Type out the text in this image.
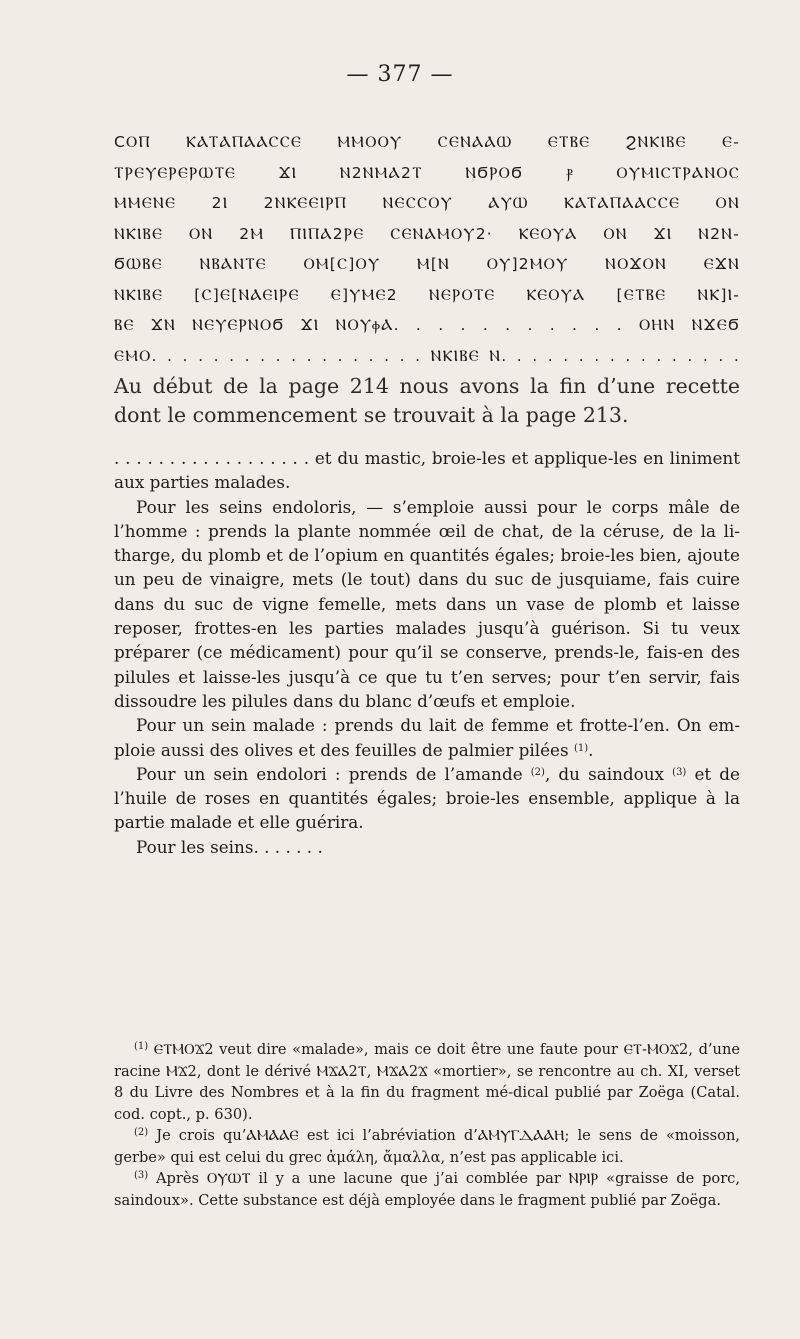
— 377 —
CⲞⲠ ⲔⲀⲦⲀⲠⲀⲀⲤⲤⲈ ⲘⲘⲞⲞⲨ ⲤⲈⲚⲀⲀⲰ ⲈⲦⲂⲈ ϨⲚⲔⲒⲂⲈ Ⲉ-
ⲦⲢⲈⲨⲈⲢⲈⲢⲰⲦⲈ ϪⲒ Ⲛ2ⲚⲘⲀ2Ⲧ ⲚϬⲢⲞϬ ⳁ ⲞⲨⲘⲒⲤⲦⲢⲀⲚⲞⲤ
ⲘⲘⲈⲚⲈ 2Ⲓ 2ⲚⲔⲈⲈⲒⲢⲠ ⲚⲈⲤⲤⲞⲨ ⲀⲨⲰ ⲔⲀⲦⲀⲠⲀⲀⲤⲤⲈ ⲞⲚ
ⲚⲔⲒⲂⲈ ⲞⲚ 2Ⲙ ⲠⲒⲠⲀ2ⲢⲈ ⲤⲈⲚⲀⲘⲞⲨ2· ⲔⲈⲞⲨⲀ ⲞⲚ ϪⲒ Ⲛ2Ⲛ-
ϬⲰⲂⲈ ⲚⲂⲀⲚⲦⲈ ⲞⲘ[Ⲥ]ⲞⲨ Ⲙ[Ⲛ ⲞⲨ]2ⲘⲞⲨ ⲚⲞϪⲞⲚ ⲈϪⲚ
ⲚⲔⲒⲂⲈ [Ⲥ]Ⲉ[ⲚⲀⲈⲒⲢⲈ Ⲉ]ⲨⲘⲈ2 ⲚⲈⲢⲞⲦⲈ ⲔⲈⲞⲨⲀ [ⲈⲦⲂⲈ ⲚⲔ]Ⲓ-
ⲂⲈ ϪⲚ ⲚⲈⲨⲈⲢⲚⲞϬ ϪⲒ ⲚⲞⲨⲫⲀ. . . . . . . . . . . ⲞⲎⲚ ⲚϪⲈϬ
ⲈⲘⲞ. . . . . . . . . . . . . . . . . . ⲚⲔⲒⲂⲈ Ⲛ. . . . . . . . . . . . . . . .
Au début de la page 214 nous avons la fin d’une recette dont le commencement se trouvait à la page 213.

. . . . . . . . . . . . . . . . . . et du mastic, broie-les et applique-les en liniment aux parties malades.

Pour les seins endoloris, — s’emploie aussi pour le corps mâle de l’homme : prends la plante nommée œil de chat, de la céruse, de la li-tharge, du plomb et de l’opium en quantités égales; broie-les bien, ajoute un peu de vinaigre, mets (le tout) dans du suc de jusquiame, fais cuire dans du suc de vigne femelle, mets dans un vase de plomb et laisse reposer, frottes-en les parties malades jusqu’à guérison. Si tu veux préparer (ce médicament) pour qu’il se conserve, prends-le, fais-en des pilules et laisse-les jusqu’à ce que tu t’en serves; pour t’en servir, fais dissoudre les pilules dans du blanc d’œufs et emploie.

Pour un sein malade : prends du lait de femme et frotte-l’en. On em-ploie aussi des olives et des feuilles de palmier pilées $^{(1)}$.

Pour un sein endolori : prends de l’amande $^{(2)}$, du saindoux $^{(3)}$ et de l’huile de roses en quantités égales; broie-les ensemble, applique à la partie malade et elle guérira.

Pour les seins. . . . . . .

$^{(1)}$ ⲈⲦⲘⲞϪ2 veut dire «malade», mais ce doit être une faute pour ⲈⲦ-ⲘⲞϪ2, d’une racine ⲘϪ2, dont le dérivé ⲘϪⲀ2Ⲧ, ⲘϪⲀ2Ϫ «mortier», se rencontre au ch. XI, verset 8 du Livre des Nombres et à la fin du fragment mé-dical publié par Zoëga (Catal. cod. copt., p. 630).

$^{(2)}$ Je crois qu’ⲀⲘⲀⲀⲈ est ici l’abréviation d’ⲀⲘⲨⲄⲆⲀⲀⲎ; le sens de «moisson, gerbe» qui est celui du grec ἀμάλη, ἄμαλλα, n’est pas applicable ici.

$^{(3)}$ Après ⲞⲨⲰⲦ il y a une lacune que j’ai comblée par ⲚⲢⲒⲢ «graisse de porc, saindoux». Cette substance est déjà employée dans le fragment publié par Zoëga.
